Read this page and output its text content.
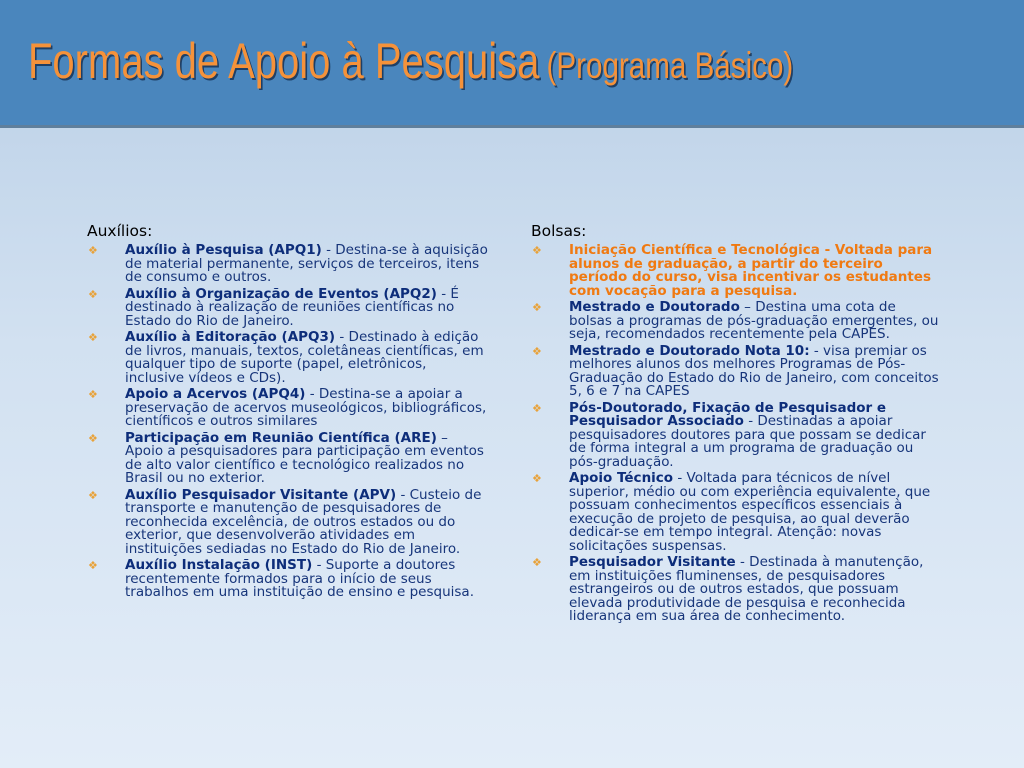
Formas de Apoio à Pesquisa (Programa Básico)
Auxílios:
❖ Auxílio à Pesquisa (APQ1) - Destina-se à aquisição de material permanente, serviços de terceiros, itens de consumo e outros.
❖ Auxílio à Organização de Eventos (APQ2) - É destinado à realização de reuniões científicas no Estado do Rio de Janeiro.
❖ Auxílio à Editoração (APQ3) - Destinado à edição de livros, manuais, textos, coletâneas científicas, em qualquer tipo de suporte (papel, eletrônicos, inclusive vídeos e CDs).
❖ Apoio a Acervos (APQ4) - Destina-se a apoiar a preservação de acervos museológicos, bibliográficos, científicos e outros similares
❖ Participação em Reunião Científica (ARE) – Apoio a pesquisadores para participação em eventos de alto valor científico e tecnológico realizados no Brasil ou no exterior.
❖ Auxílio Pesquisador Visitante (APV) - Custeio de transporte e manutenção de pesquisadores de reconhecida excelência, de outros estados ou do exterior, que desenvolverão atividades em instituições sediadas no Estado do Rio de Janeiro.
❖ Auxílio Instalação (INST) - Suporte a doutores recentemente formados para o início de seus trabalhos em uma instituição de ensino e pesquisa.
Bolsas:
❖ Iniciação Científica e Tecnológica - Voltada para alunos de graduação, a partir do terceiro período do curso, visa incentivar os estudantes com vocação para a pesquisa.
❖ Mestrado e Doutorado – Destina uma cota de bolsas a programas de pós-graduação emergentes, ou seja, recomendados recentemente pela CAPES.
❖ Mestrado e Doutorado Nota 10: - visa premiar os melhores alunos dos melhores Programas de Pós-Graduação do Estado do Rio de Janeiro, com conceitos 5, 6 e 7 na CAPES
❖ Pós-Doutorado, Fixação de Pesquisador e Pesquisador Associado - Destinadas a apoiar pesquisadores doutores para que possam se dedicar de forma integral a um programa de graduação ou pós-graduação.
❖ Apoio Técnico - Voltada para técnicos de nível superior, médio ou com experiência equivalente, que possuam conhecimentos específicos essenciais à execução de projeto de pesquisa, ao qual deverão dedicar-se em tempo integral. Atenção: novas solicitações suspensas.
❖ Pesquisador Visitante - Destinada à manutenção, em instituições fluminenses, de pesquisadores estrangeiros ou de outros estados, que possuam elevada produtividade de pesquisa e reconhecida liderança em sua área de conhecimento.
